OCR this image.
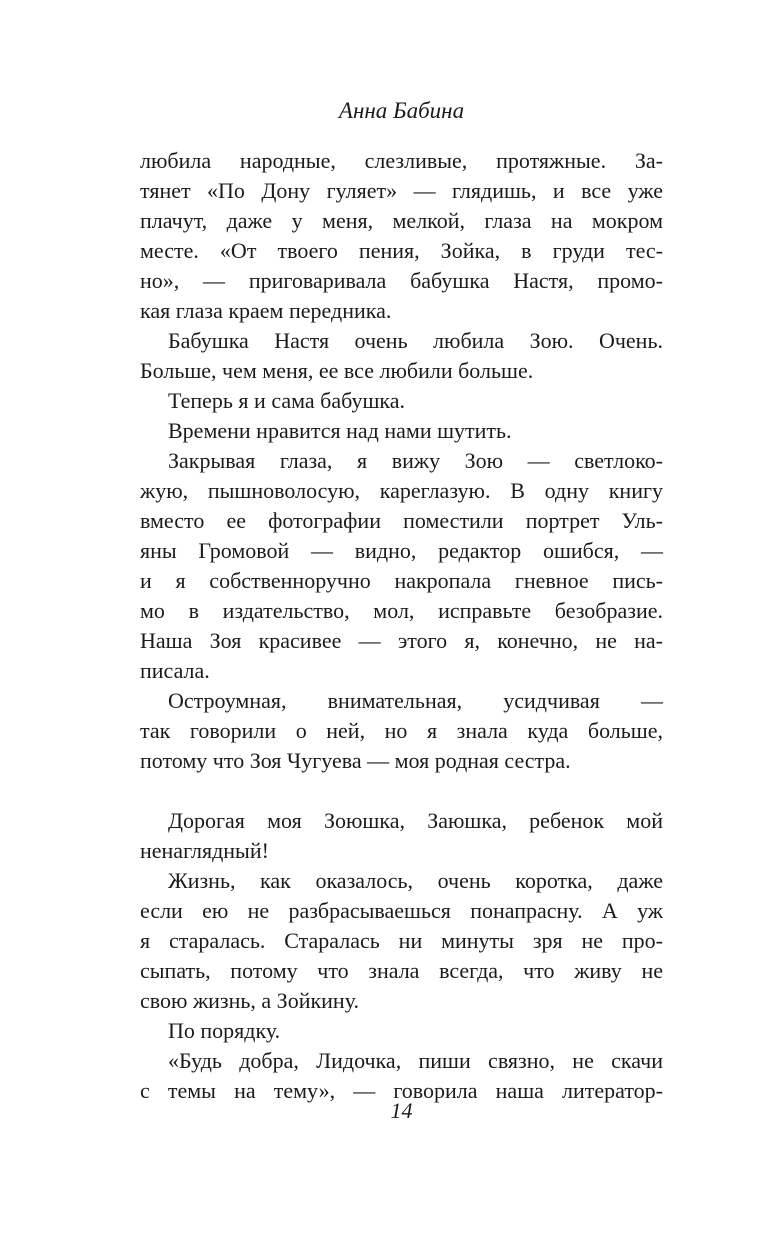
Анна Бабина
любила народные, слезливые, протяжные. За-
тянет «По Дону гуляет» — глядишь, и все уже
плачут, даже у меня, мелкой, глаза на мокром
месте. «От твоего пения, Зойка, в груди тес-
но», — приговаривала бабушка Настя, промо-
кая глаза краем передника.
Бабушка Настя очень любила Зою. Очень.
Больше, чем меня, ее все любили больше.
Теперь я и сама бабушка.
Времени нравится над нами шутить.
Закрывая глаза, я вижу Зою — светлоко-
жую, пышноволосую, кареглазую. В одну книгу
вместо ее фотографии поместили портрет Уль-
яны Громовой — видно, редактор ошибся, —
и я собственноручно накропала гневное пись-
мо в издательство, мол, исправьте безобразие.
Наша Зоя красивее — этого я, конечно, не на-
писала.
Остроумная, внимательная, усидчивая —
так говорили о ней, но я знала куда больше,
потому что Зоя Чугуева — моя родная сестра.
Дорогая моя Зоюшка, Заюшка, ребенок мой
ненаглядный!
Жизнь, как оказалось, очень коротка, даже
если ею не разбрасываешься понапрасну. А уж
я старалась. Старалась ни минуты зря не про-
сыпать, потому что знала всегда, что живу не
свою жизнь, а Зойкину.
По порядку.
«Будь добра, Лидочка, пиши связно, не скачи
с темы на тему», — говорила наша литератор-
14
